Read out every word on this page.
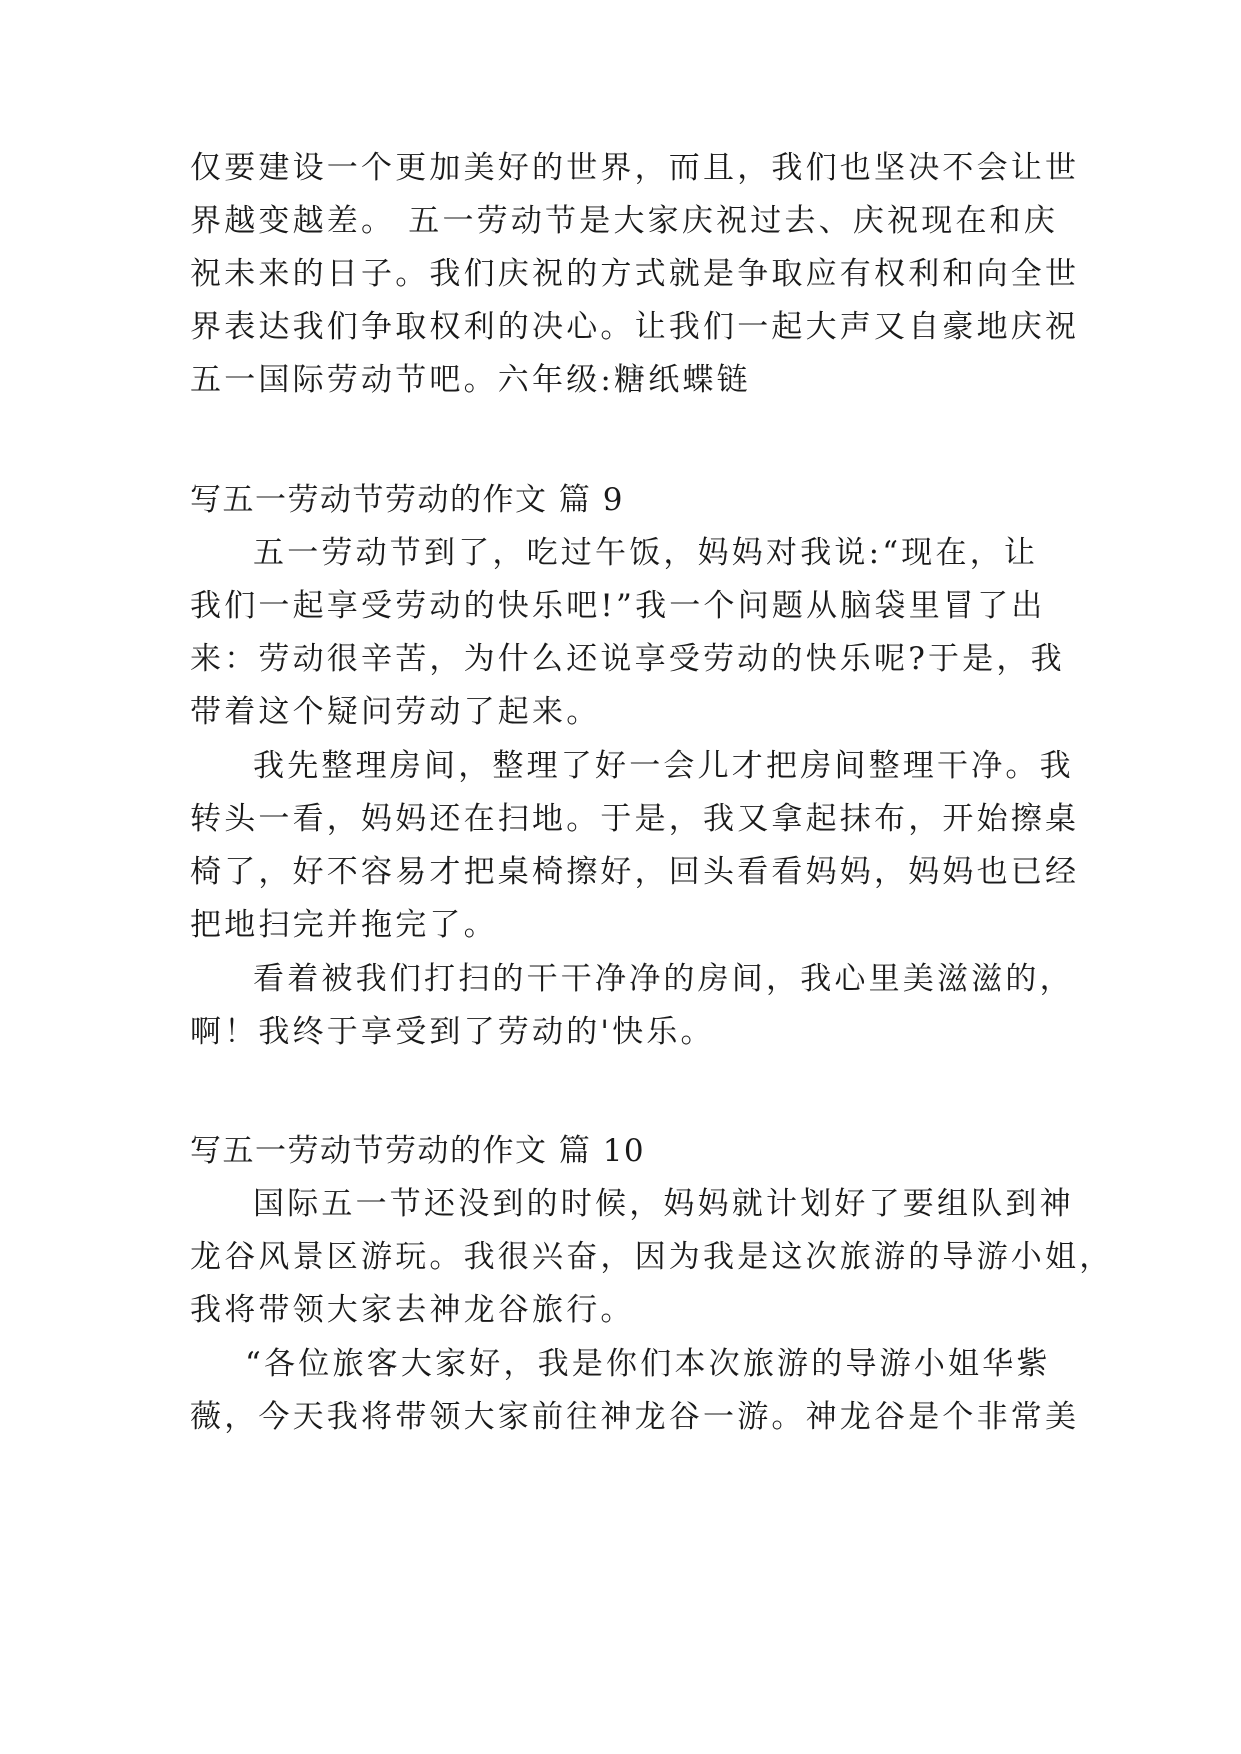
仅要建设一个更加美好的世界，而且，我们也坚决不会让世
界越变越差。 五一劳动节是大家庆祝过去、庆祝现在和庆
祝未来的日子。我们庆祝的方式就是争取应有权利和向全世
界表达我们争取权利的决心。让我们一起大声又自豪地庆祝
五一国际劳动节吧。六年级:糖纸蝶链
写五一劳动节劳动的作文 篇 9
五一劳动节到了，吃过午饭，妈妈对我说:“现在，让
我们一起享受劳动的快乐吧!”我一个问题从脑袋里冒了出
来：劳动很辛苦，为什么还说享受劳动的快乐呢?于是，我
带着这个疑问劳动了起来。
我先整理房间，整理了好一会儿才把房间整理干净。我
转头一看，妈妈还在扫地。于是，我又拿起抹布，开始擦桌
椅了，好不容易才把桌椅擦好，回头看看妈妈，妈妈也已经
把地扫完并拖完了。
看着被我们打扫的干干净净的房间，我心里美滋滋的，
啊！我终于享受到了劳动的'快乐。
写五一劳动节劳动的作文 篇 10
国际五一节还没到的时候，妈妈就计划好了要组队到神
龙谷风景区游玩。我很兴奋，因为我是这次旅游的导游小姐，
我将带领大家去神龙谷旅行。
“各位旅客大家好，我是你们本次旅游的导游小姐华紫
薇，今天我将带领大家前往神龙谷一游。神龙谷是个非常美
